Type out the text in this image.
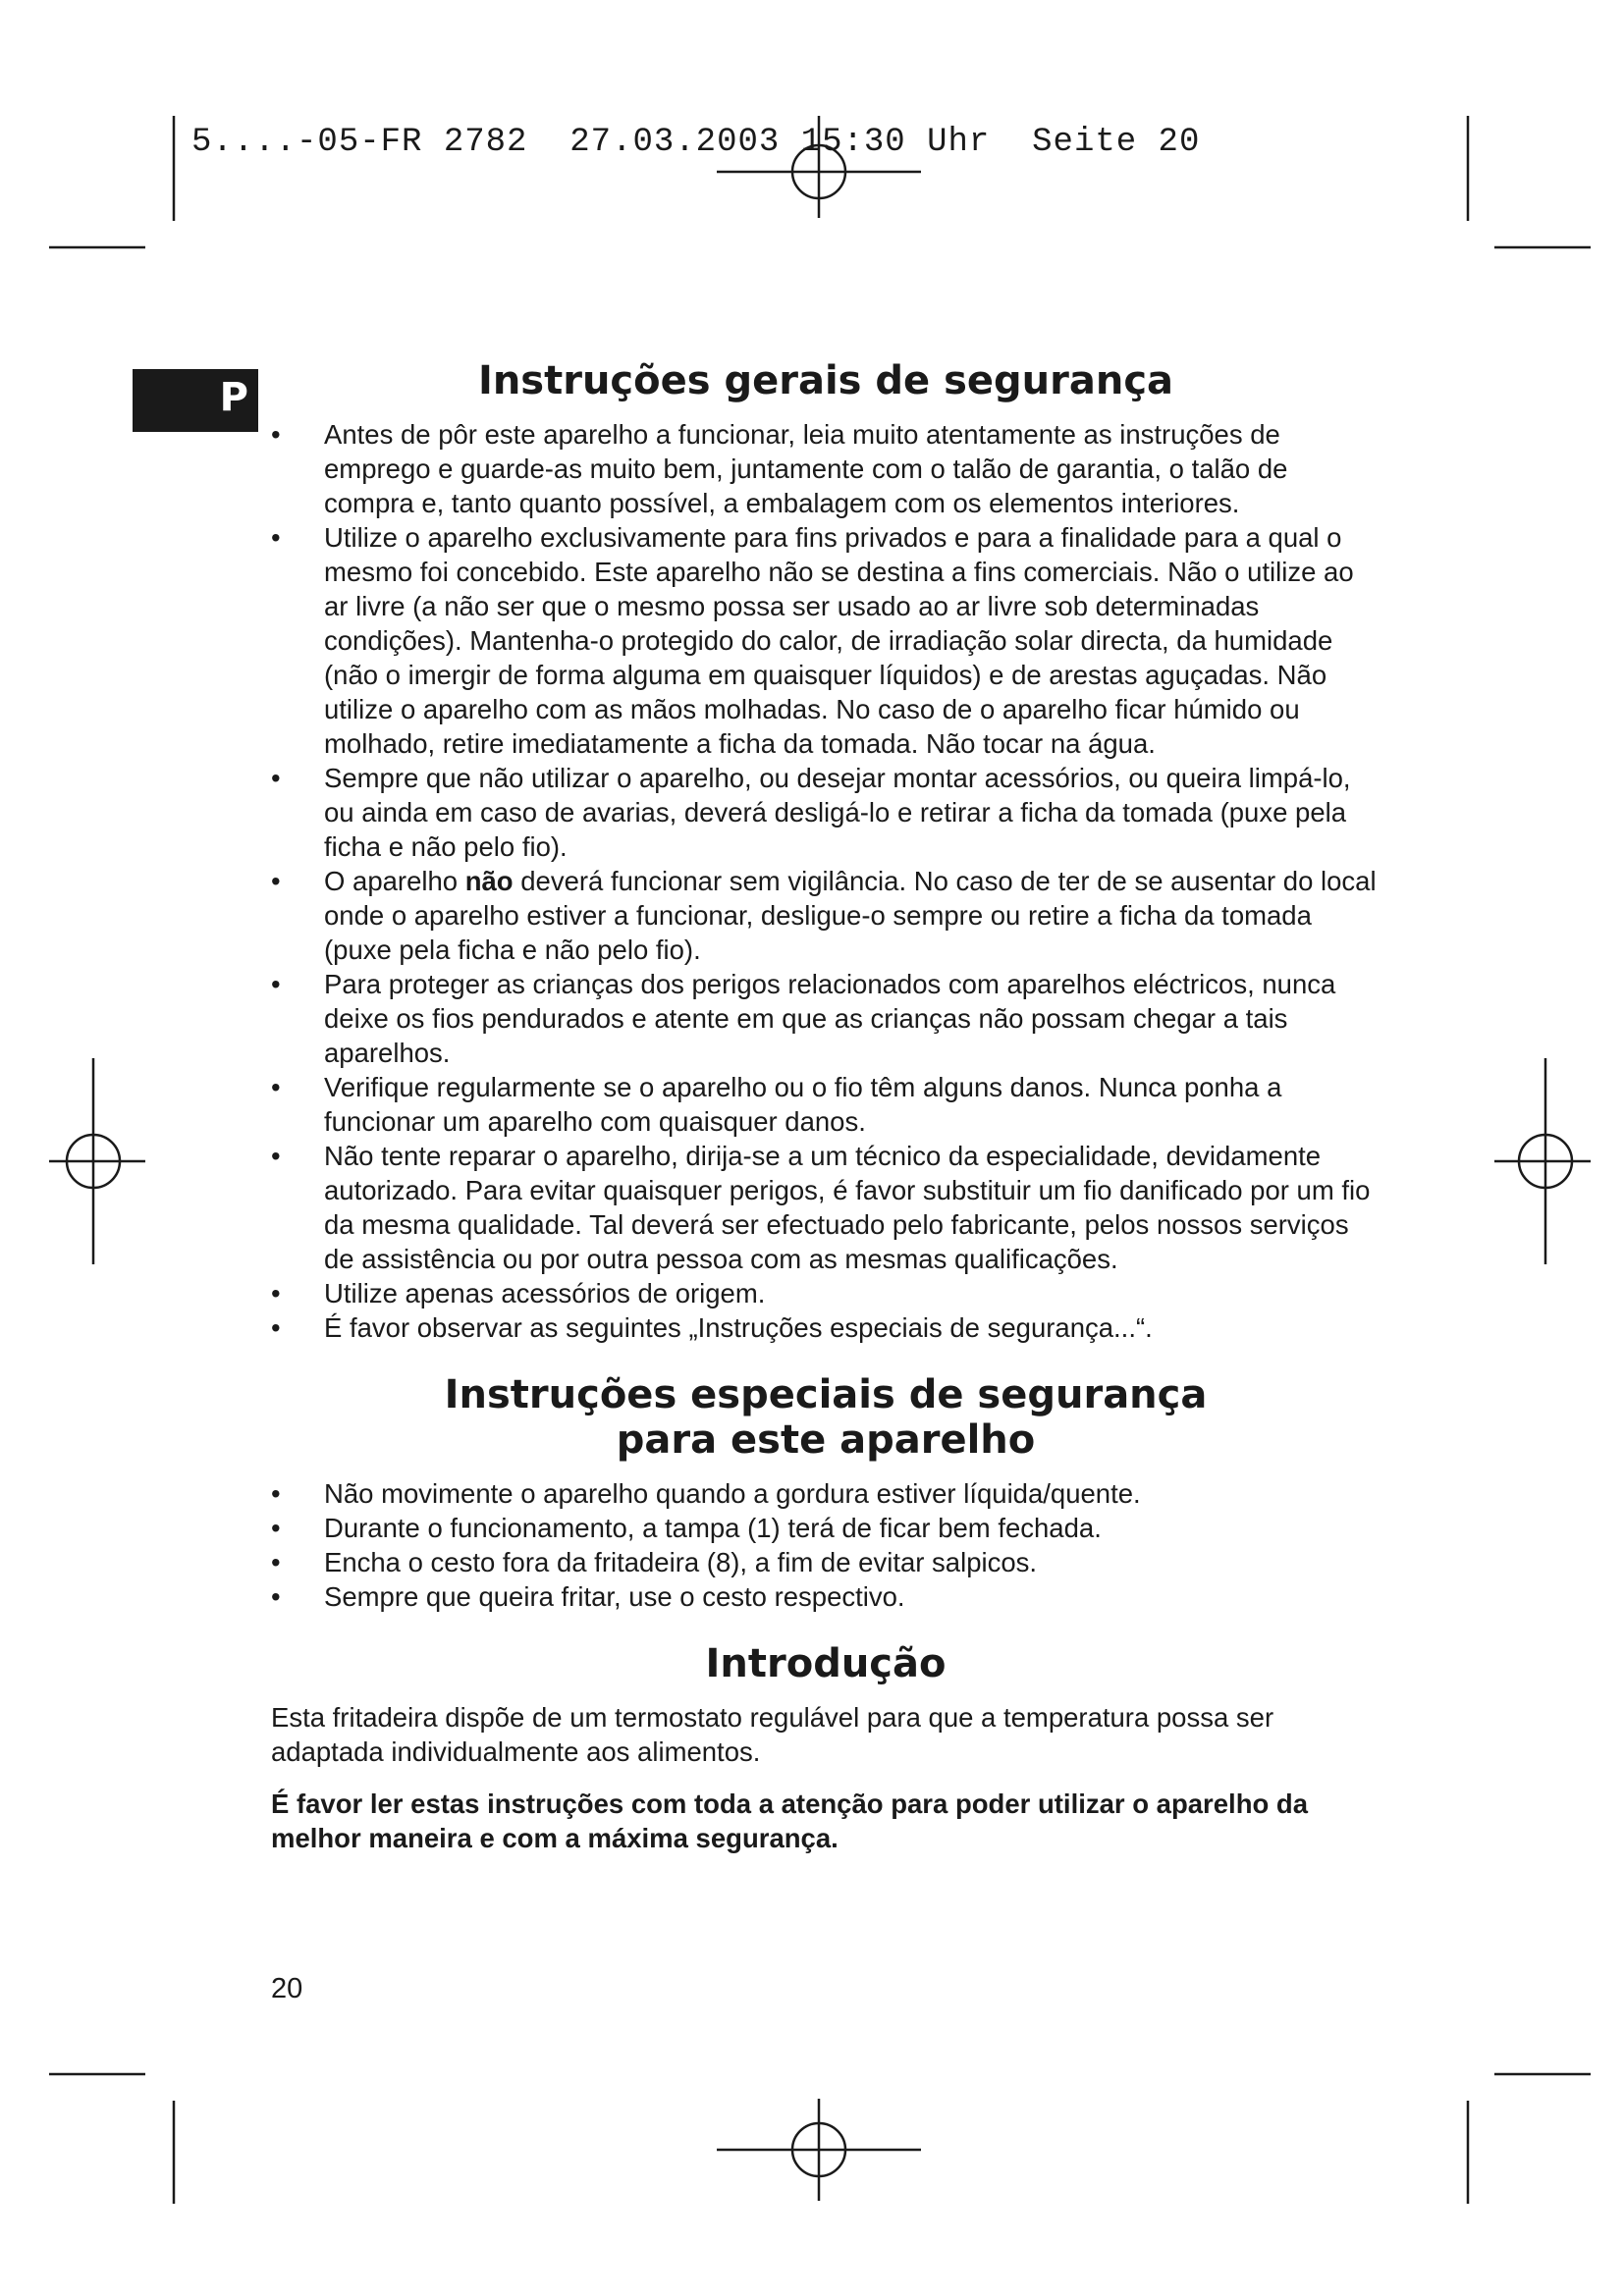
5....-05-FR 2782  27.03.2003 15:30 Uhr  Seite 20
P	Instruções gerais de segurança
• Antes de pôr este aparelho a funcionar, leia muito atentamente as instruções de emprego e guarde-as muito bem, juntamente com o talão de garantia, o talão de compra e, tanto quanto possível, a embalagem com os elementos interiores.
• Utilize o aparelho exclusivamente para fins privados e para a finalidade para a qual o mesmo foi concebido. Este aparelho não se destina a fins comerciais. Não o utilize ao ar livre (a não ser que o mesmo possa ser usado ao ar livre sob determinadas condições). Mantenha-o protegido do calor, de irradiação solar directa, da humidade (não o imergir de forma alguma em quaisquer líquidos) e de arestas aguçadas. Não utilize o aparelho com as mãos molhadas. No caso de o aparelho ficar húmido ou molhado, retire imediatamente a ficha da tomada. Não tocar na água.
• Sempre que não utilizar o aparelho, ou desejar montar acessórios, ou queira limpá-lo, ou ainda em caso de avarias, deverá desligá-lo e retirar a ficha da tomada (puxe pela ficha e não pelo fio).
• O aparelho não deverá funcionar sem vigilância. No caso de ter de se ausentar do local onde o aparelho estiver a funcionar, desligue-o sempre ou retire a ficha da tomada (puxe pela ficha e não pelo fio).
• Para proteger as crianças dos perigos relacionados com aparelhos eléctricos, nunca deixe os fios pendurados e atente em que as crianças não possam chegar a tais aparelhos.
• Verifique regularmente se o aparelho ou o fio têm alguns danos. Nunca ponha a funcionar um aparelho com quaisquer danos.
• Não tente reparar o aparelho, dirija-se a um técnico da especialidade, devidamente autorizado. Para evitar quaisquer perigos, é favor substituir um fio danificado por um fio da mesma qualidade. Tal deverá ser efectuado pelo fabricante, pelos nossos serviços de assistência ou por outra pessoa com as mesmas qualificações.
• Utilize apenas acessórios de origem.
• É favor observar as seguintes „Instruções especiais de segurança...“.
Instruções especiais de segurança
para este aparelho
• Não movimente o aparelho quando a gordura estiver líquida/quente.
• Durante o funcionamento, a tampa (1) terá de ficar bem fechada.
• Encha o cesto fora da fritadeira (8), a fim de evitar salpicos.
• Sempre que queira fritar, use o cesto respectivo.
Introdução

Esta fritadeira dispõe de um termostato regulável para que a temperatura possa ser adaptada individualmente aos alimentos.

É favor ler estas instruções com toda a atenção para poder utilizar o aparelho da melhor maneira e com a máxima segurança.

20
